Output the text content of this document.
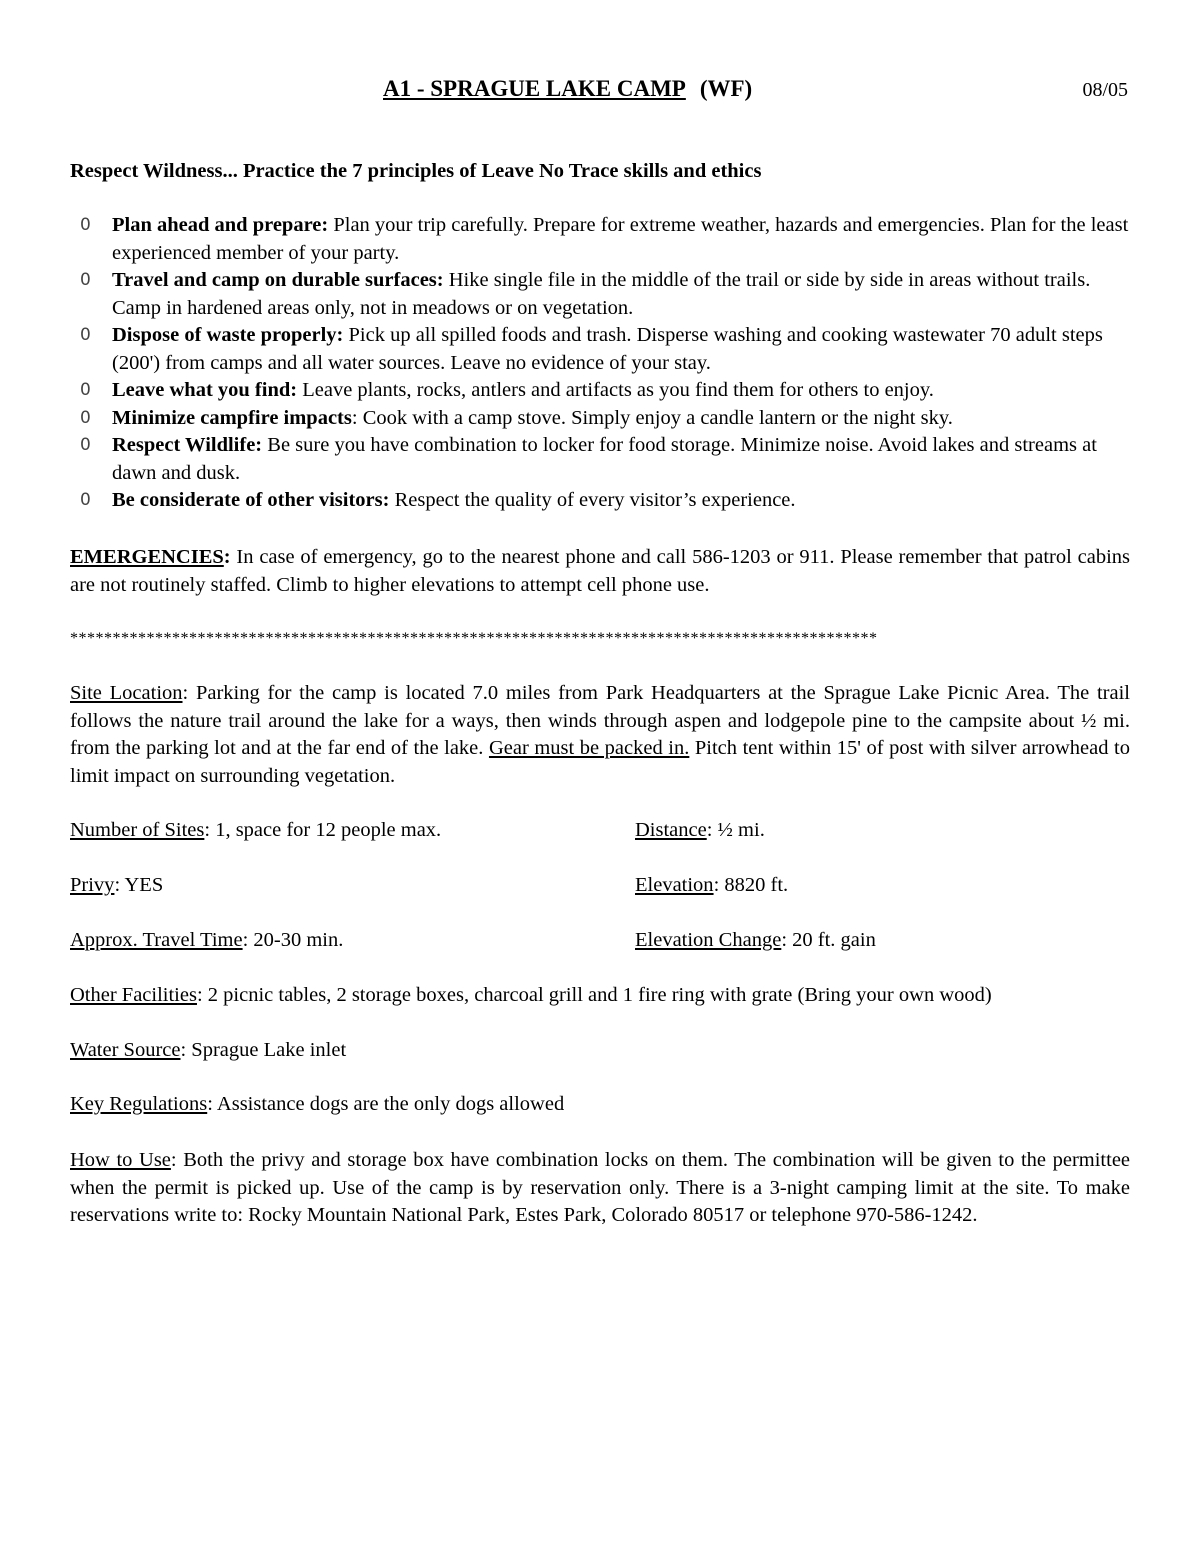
A1 - SPRAGUE LAKE CAMP (WF)	08/05
Respect Wildness... Practice the 7 principles of Leave No Trace skills and ethics
0 Plan ahead and prepare: Plan your trip carefully. Prepare for extreme weather, hazards and emergencies. Plan for the least experienced member of your party.
0 Travel and camp on durable surfaces: Hike single file in the middle of the trail or side by side in areas without trails. Camp in hardened areas only, not in meadows or on vegetation.
0 Dispose of waste properly: Pick up all spilled foods and trash. Disperse washing and cooking wastewater 70 adult steps (200') from camps and all water sources. Leave no evidence of your stay.
0 Leave what you find: Leave plants, rocks, antlers and artifacts as you find them for others to enjoy.
0 Minimize campfire impacts: Cook with a camp stove. Simply enjoy a candle lantern or the night sky.
0 Respect Wildlife: Be sure you have combination to locker for food storage. Minimize noise. Avoid lakes and streams at dawn and dusk.
0 Be considerate of other visitors: Respect the quality of every visitor’s experience.
EMERGENCIES: In case of emergency, go to the nearest phone and call 586-1203 or 911. Please remember that patrol cabins are not routinely staffed. Climb to higher elevations to attempt cell phone use.
***********************************************************************************************
Site Location: Parking for the camp is located 7.0 miles from Park Headquarters at the Sprague Lake Picnic Area. The trail follows the nature trail around the lake for a ways, then winds through aspen and lodgepole pine to the campsite about ½ mi. from the parking lot and at the far end of the lake. Gear must be packed in. Pitch tent within 15' of post with silver arrowhead to limit impact on surrounding vegetation.
Number of Sites: 1, space for 12 people max.	Distance: ½ mi.
Privy: YES	Elevation: 8820 ft.
Approx. Travel Time: 20-30 min.	Elevation Change: 20 ft. gain
Other Facilities: 2 picnic tables, 2 storage boxes, charcoal grill and 1 fire ring with grate (Bring your own wood)
Water Source: Sprague Lake inlet
Key Regulations: Assistance dogs are the only dogs allowed
How to Use: Both the privy and storage box have combination locks on them. The combination will be given to the permittee when the permit is picked up. Use of the camp is by reservation only. There is a 3-night camping limit at the site. To make reservations write to: Rocky Mountain National Park, Estes Park, Colorado 80517 or telephone 970-586-1242.
